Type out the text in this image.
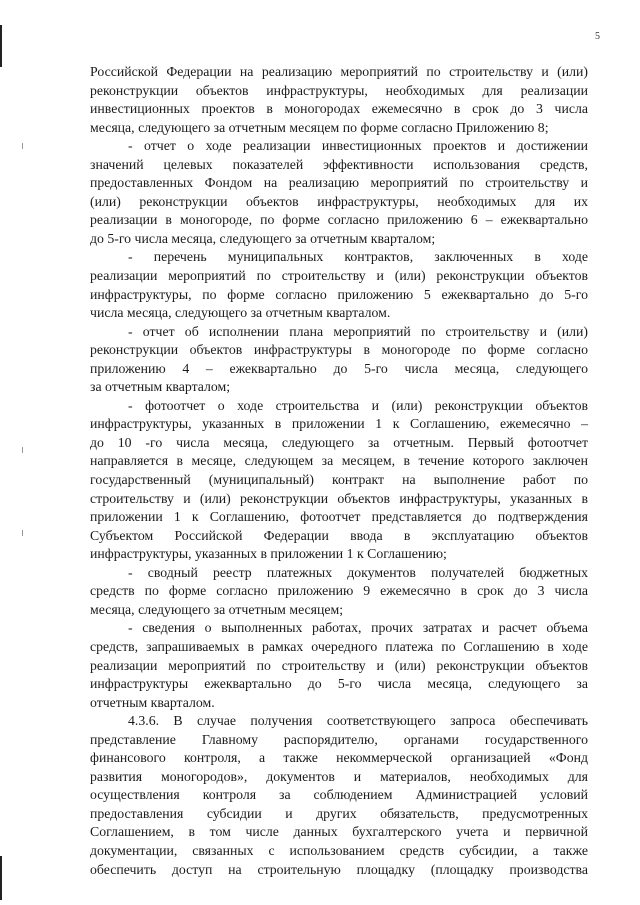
5
Российской Федерации на реализацию мероприятий по строительству и (или)
реконструкции объектов инфраструктуры, необходимых для реализации
инвестиционных проектов в моногородах ежемесячно в срок до 3 числа
месяца, следующего за отчетным месяцем по форме согласно Приложению 8;
- отчет о ходе реализации инвестиционных проектов и достижении
значений целевых показателей эффективности использования средств,
предоставленных Фондом на реализацию мероприятий по строительству и
(или) реконструкции объектов инфраструктуры, необходимых для их
реализации в моногороде, по форме согласно приложению 6 – ежеквартально
до 5-го числа месяца, следующего за отчетным кварталом;
- перечень муниципальных контрактов, заключенных в ходе
реализации мероприятий по строительству и (или) реконструкции объектов
инфраструктуры, по форме согласно приложению 5 ежеквартально до 5-го
числа месяца, следующего за отчетным кварталом.
- отчет об исполнении плана мероприятий по строительству и (или)
реконструкции объектов инфраструктуры в моногороде по форме согласно
приложению 4 – ежеквартально до 5-го числа месяца, следующего
за отчетным кварталом;
- фотоотчет о ходе строительства и (или) реконструкции объектов
инфраструктуры, указанных в приложении 1 к Соглашению, ежемесячно –
до 10 -го числа месяца, следующего за отчетным. Первый фотоотчет
направляется в месяце, следующем за месяцем, в течение которого заключен
государственный (муниципальный) контракт на выполнение работ по
строительству и (или) реконструкции объектов инфраструктуры, указанных в
приложении 1 к Соглашению, фотоотчет представляется до подтверждения
Субъектом Российской Федерации ввода в эксплуатацию объектов
инфраструктуры, указанных в приложении 1 к Соглашению;
- сводный реестр платежных документов получателей бюджетных
средств по форме согласно приложению 9 ежемесячно в срок до 3 числа
месяца, следующего за отчетным месяцем;
- сведения о выполненных работах, прочих затратах и расчет объема
средств, запрашиваемых в рамках очередного платежа по Соглашению в ходе
реализации мероприятий по строительству и (или) реконструкции объектов
инфраструктуры ежеквартально до 5-го числа месяца, следующего за
отчетным кварталом.
4.3.6. В случае получения соответствующего запроса обеспечивать
представление Главному распорядителю, органами государственного
финансового контроля, а также некоммерческой организацией «Фонд
развития моногородов», документов и материалов, необходимых для
осуществления контроля за соблюдением Администрацией условий
предоставления субсидии и других обязательств, предусмотренных
Соглашением, в том числе данных бухгалтерского учета и первичной
документации, связанных с использованием средств субсидии, а также
обеспечить доступ на строительную площадку (площадку производства
